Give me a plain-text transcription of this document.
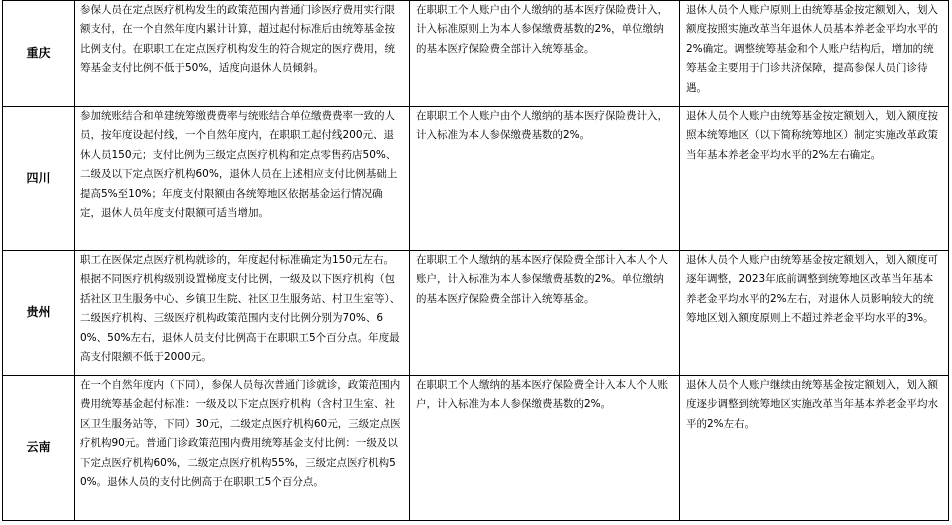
重庆	参保人员在定点医疗机构发生的政策范围内普通门诊医疗费用实行限额支付，在一个自然年度内累计计算，超过起付标准后由统筹基金按比例支付。在职职工在定点医疗机构发生的符合规定的医疗费用，统筹基金支付比例不低于50%，适度向退休人员倾斜。	在职职工个人账户由个人缴纳的基本医疗保险费计入，计入标准原则上为本人参保缴费基数的2%，单位缴纳的基本医疗保险费全部计入统筹基金。	退休人员个人账户原则上由统筹基金按定额划入，划入额度按照实施改革当年退休人员基本养老金平均水平的2%确定。调整统筹基金和个人账户结构后，增加的统筹基金主要用于门诊共济保障，提高参保人员门诊待遇。
四川	参加统账结合和单建统筹缴费费率与统账结合单位缴费费率一致的人员，按年度设起付线，一个自然年度内，在职职工起付线200元、退休人员150元；支付比例为三级定点医疗机构和定点零售药店50%、二级及以下定点医疗机构60%，退休人员在上述相应支付比例基础上提高5%至10%；年度支付限额由各统筹地区依据基金运行情况确定，退休人员年度支付限额可适当增加。	在职职工个人账户由个人缴纳的基本医疗保险费计入，计入标准为本人参保缴费基数的2%。	退休人员个人账户由统筹基金按定额划入，划入额度按照本统筹地区（以下简称统筹地区）制定实施改革政策当年基本养老金平均水平的2%左右确定。
贵州	职工在医保定点医疗机构就诊的，年度起付标准确定为150元左右。根据不同医疗机构级别设置梯度支付比例，一级及以下医疗机构（包括社区卫生服务中心、乡镇卫生院、社区卫生服务站、村卫生室等）、二级医疗机构、三级医疗机构政策范围内支付比例分别为70%、60%、50%左右，退休人员支付比例高于在职职工5个百分点。年度最高支付限额不低于2000元。	在职职工个人缴纳的基本医疗保险费全部计入本人个人账户，计入标准为本人参保缴费基数的2%。单位缴纳的基本医疗保险费全部计入统筹基金。	退休人员个人账户由统筹基金按定额划入，划入额度可逐年调整，2023年底前调整到统筹地区改革当年基本养老金平均水平的2%左右，对退休人员影响较大的统筹地区划入额度原则上不超过养老金平均水平的3%。
云南	在一个自然年度内（下同），参保人员每次普通门诊就诊，政策范围内费用统筹基金起付标准：一级及以下定点医疗机构（含村卫生室、社区卫生服务站等，下同）30元，二级定点医疗机构60元，三级定点医疗机构90元。普通门诊政策范围内费用统筹基金支付比例：一级及以下定点医疗机构60%，二级定点医疗机构55%，三级定点医疗机构50%。退休人员的支付比例高于在职职工5个百分点。	在职职工个人缴纳的基本医疗保险费全计入本人个人账户，计入标准为本人参保缴费基数的2%。	退休人员个人账户继续由统筹基金按定额划入，划入额度逐步调整到统筹地区实施改革当年基本养老金平均水平的2%左右。
